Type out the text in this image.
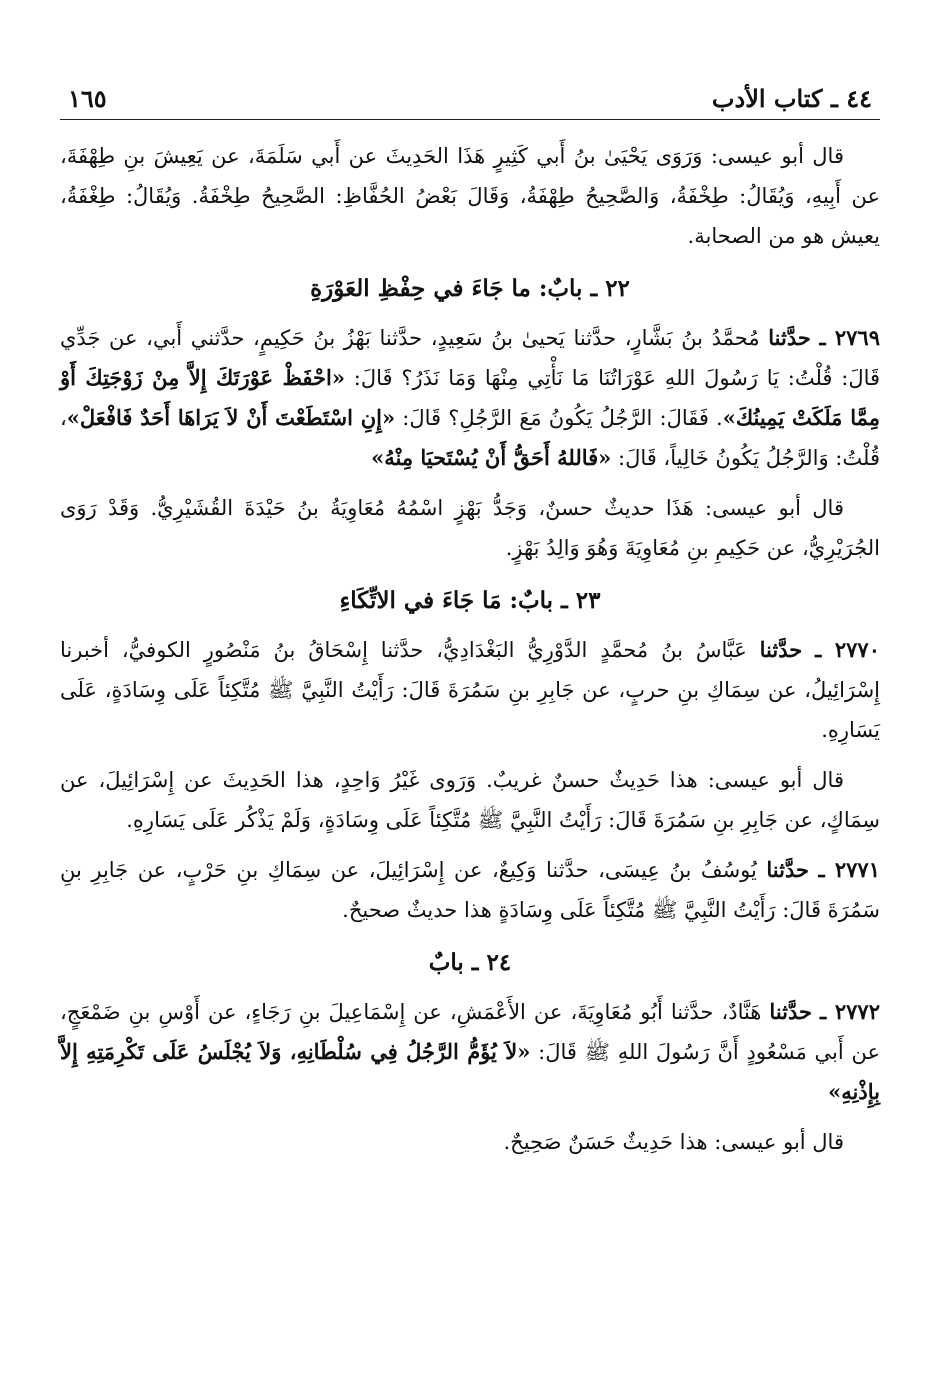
٤٤ ـ كتاب الأدب
١٦٥

قال أبو عيسى: وَرَوَى يَحْيَىٰ بنُ أَبي كَثِيرٍ هَذَا الحَدِيثَ عن أَبي سَلَمَةَ، عن يَعِيشَ بنِ طِهْفَةَ، عن أَبِيهِ، وَيُقَالُ: طِخْفَةُ، وَالصَّحِيحُ طِهْفَةُ، وَقَالَ بَعْضُ الحُفَّاظِ: الصَّحِيحُ طِخْفَةُ. وَيُقَالُ: طِغْفَةُ، يعيش هو من الصحابة.

٢٢ ـ بابٌ: ما جَاءَ في حِفْظِ العَوْرَةِ

٢٧٦٩ ـ حدَّثنا مُحمَّدُ بنُ بَشَّارٍ، حدَّثنا يَحيىٰ بنُ سَعِيدٍ، حدَّثنا بَهْزُ بنُ حَكِيمٍ، حدَّثني أَبي، عن جَدِّي قَالَ: قُلْتُ: يَا رَسُولَ اللهِ عَوْرَاتُنَا مَا نَأْتِي مِنْهَا وَمَا نَذَرُ؟ قَالَ: «احْفَظْ عَوْرَتَكَ إِلاَّ مِنْ زَوْجَتِكَ أَوْ مِمَّا مَلَكَتْ يَمِينُكَ». فَقَالَ: الرَّجُلُ يَكُونُ مَعَ الرَّجُلِ؟ قَالَ: «إِنِ اسْتَطَعْتَ أَنْ لاَ يَرَاهَا أَحَدٌ فَافْعَلْ»، قُلْتُ: وَالرَّجُلُ يَكُونُ خَالِياً، قَالَ: «فَاللهُ أَحَقُّ أَنْ يُسْتَحيَا مِنْهُ»

قال أبو عيسى: هَذَا حديثٌ حسنٌ، وَجَدُّ بَهْزٍ اسْمُهُ مُعَاوِيَةُ بنُ حَيْدَةَ القُشَيْرِيُّ. وَقَدْ رَوَى الجُرَيْرِيُّ، عن حَكِيمِ بنِ مُعَاوِيَةَ وَهُوَ وَالِدُ بَهْزٍ.

٢٣ ـ بابٌ: مَا جَاءَ في الاتِّكَاءِ

٢٧٧٠ ـ حدَّثنا عَبَّاسُ بنُ مُحمَّدٍ الدَّوْرِيُّ البَغْدَادِيُّ، حدَّثنا إِسْحَاقُ بنُ مَنْصُورٍ الكوفيُّ، أخبرنا إِسْرَائِيلُ، عن سِمَاكِ بنِ حربٍ، عن جَابِرِ بنِ سَمُرَةَ قَالَ: رَأَيْتُ النَّبِيَّ ﷺ مُتَّكِئاً عَلَى وِسَادَةٍ، عَلَى يَسَارِهِ.

قال أبو عيسى: هذا حَدِيثٌ حسنٌ غريبٌ. وَرَوى غَيْرُ وَاحِدٍ، هذا الحَدِيثَ عن إِسْرَائِيلَ، عن سِمَاكٍ، عن جَابِرِ بنِ سَمُرَةَ قَالَ: رَأَيْتُ النَّبِيَّ ﷺ مُتَّكِئاً عَلَى وِسَادَةٍ، وَلَمْ يَذْكُر عَلَى يَسَارِهِ.

٢٧٧١ ـ حدَّثنا يُوسُفُ بنُ عِيسَى، حدَّثنا وَكِيعٌ، عن إِسْرَائِيلَ، عن سِمَاكِ بنِ حَرْبٍ، عن جَابِرِ بنِ سَمُرَةَ قَالَ: رَأَيْتُ النَّبِيَّ ﷺ مُتَّكِئاً عَلَى وِسَادَةٍ هذا حديثٌ صحيحٌ.

٢٤ ـ بابٌ

٢٧٧٢ ـ حدَّثنا هَنَّادٌ، حدَّثنا أَبُو مُعَاوِيَةَ، عن الأَعْمَشِ، عن إِسْمَاعِيلَ بنِ رَجَاءٍ، عن أَوْسِ بنِ ضَمْعَجٍ، عن أَبي مَسْعُودٍ أَنَّ رَسُولَ اللهِ ﷺ قَالَ: «لاَ يُؤَمُّ الرَّجُلُ فِي سُلْطَانِهِ، وَلاَ يُجْلَسُ عَلَى تَكْرِمَتِهِ إِلاَّ بِإِذْنِهِ»

قال أبو عيسى: هذا حَدِيثٌ حَسَنٌ صَحِيحٌ.
